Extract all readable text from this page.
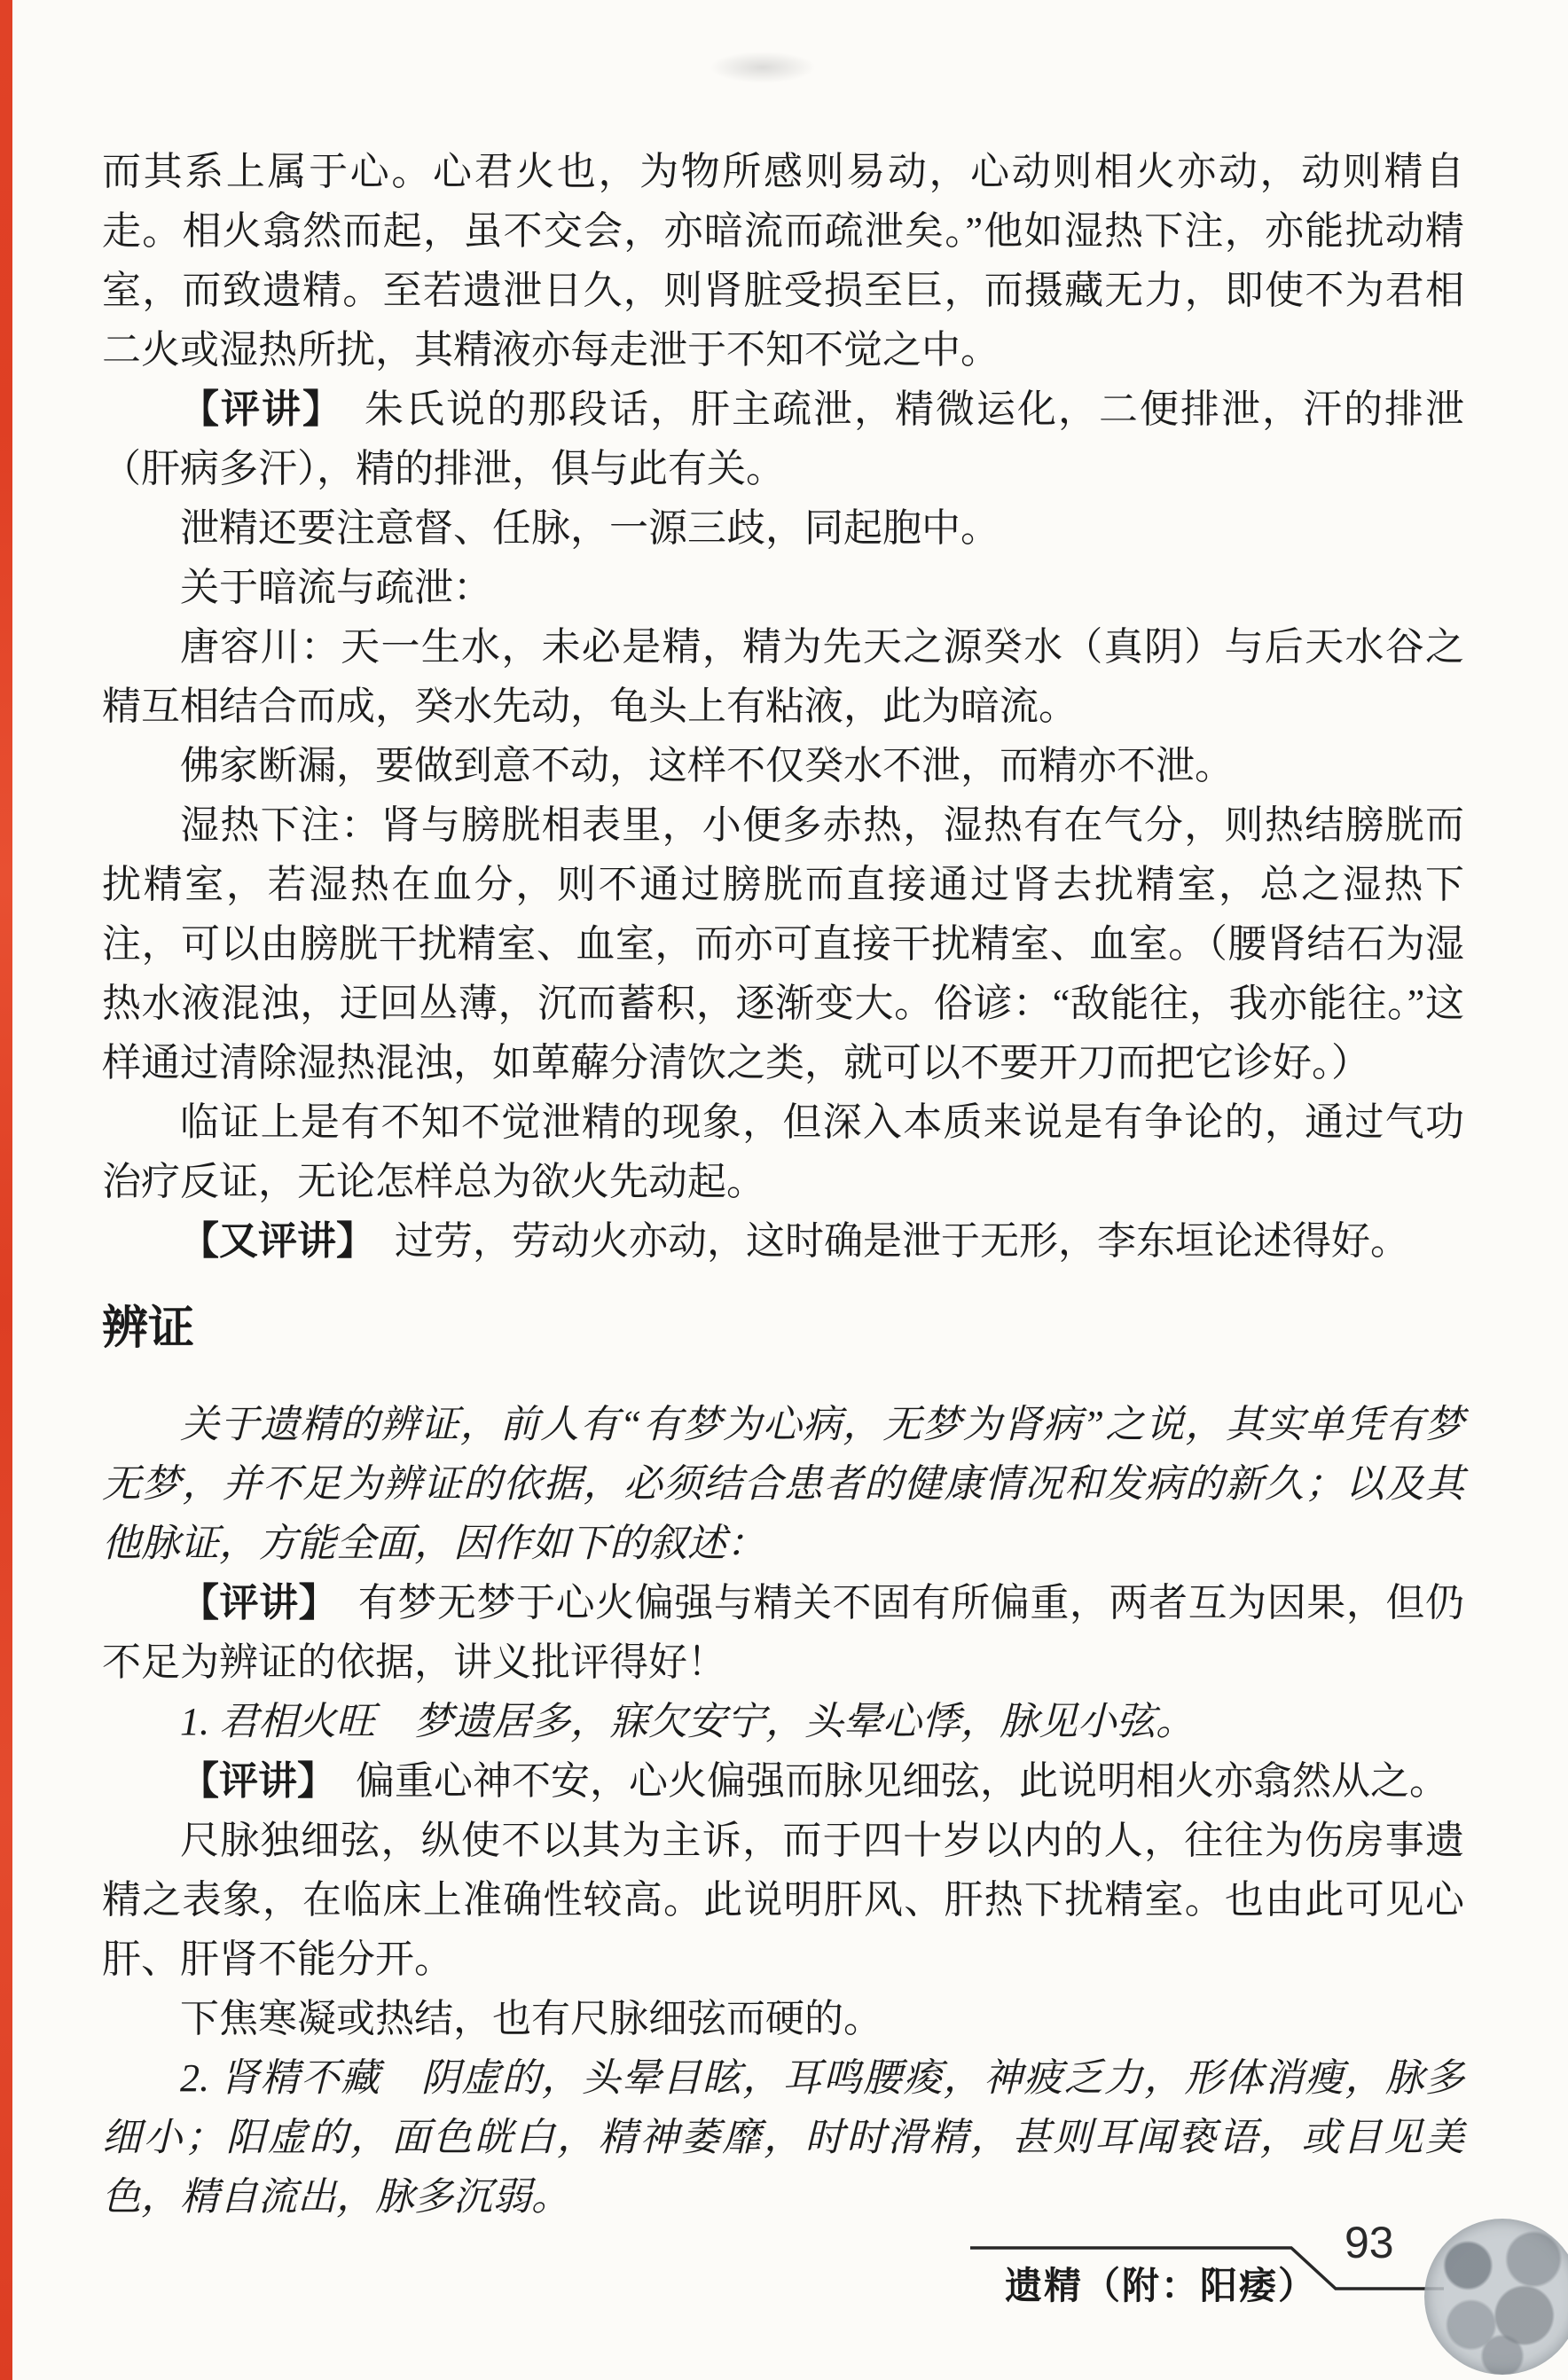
而其系上属于心。心君火也，为物所感则易动，心动则相火亦动，动则精自走。相火翕然而起，虽不交会，亦暗流而疏泄矣。”他如湿热下注，亦能扰动精室，而致遗精。至若遗泄日久，则肾脏受损至巨，而摄藏无力，即使不为君相二火或湿热所扰，其精液亦每走泄于不知不觉之中。

【评讲】　朱氏说的那段话，肝主疏泄，精微运化，二便排泄，汗的排泄（肝病多汗），精的排泄，俱与此有关。

泄精还要注意督、任脉，一源三歧，同起胞中。

关于暗流与疏泄：

唐容川：天一生水，未必是精，精为先天之源癸水（真阴）与后天水谷之精互相结合而成，癸水先动，龟头上有粘液，此为暗流。

佛家断漏，要做到意不动，这样不仅癸水不泄，而精亦不泄。

湿热下注：肾与膀胱相表里，小便多赤热，湿热有在气分，则热结膀胱而扰精室，若湿热在血分，则不通过膀胱而直接通过肾去扰精室，总之湿热下注，可以由膀胱干扰精室、血室，而亦可直接干扰精室、血室。（腰肾结石为湿热水液混浊，迂回丛薄，沉而蓄积，逐渐变大。俗谚：“敌能往，我亦能往。”这样通过清除湿热混浊，如萆薢分清饮之类，就可以不要开刀而把它诊好。）

临证上是有不知不觉泄精的现象，但深入本质来说是有争论的，通过气功治疗反证，无论怎样总为欲火先动起。

【又评讲】　过劳，劳动火亦动，这时确是泄于无形，李东垣论述得好。

辨证

关于遗精的辨证，前人有“有梦为心病，无梦为肾病”之说，其实单凭有梦无梦，并不足为辨证的依据，必须结合患者的健康情况和发病的新久；以及其他脉证，方能全面，因作如下的叙述：

【评讲】　有梦无梦于心火偏强与精关不固有所偏重，两者互为因果，但仍不足为辨证的依据，讲义批评得好！

1. 君相火旺　梦遗居多，寐欠安宁，头晕心悸，脉见小弦。

【评讲】　偏重心神不安，心火偏强而脉见细弦，此说明相火亦翕然从之。

尺脉独细弦，纵使不以其为主诉，而于四十岁以内的人，往往为伤房事遗精之表象，在临床上准确性较高。此说明肝风、肝热下扰精室。也由此可见心肝、肝肾不能分开。

下焦寒凝或热结，也有尺脉细弦而硬的。

2. 肾精不藏　阴虚的，头晕目眩，耳鸣腰痠，神疲乏力，形体消瘦，脉多细小；阳虚的，面色㿠白，精神萎靡，时时滑精，甚则耳闻亵语，或目见美色，精自流出，脉多沉弱。

遗精（附：阳痿）
93
